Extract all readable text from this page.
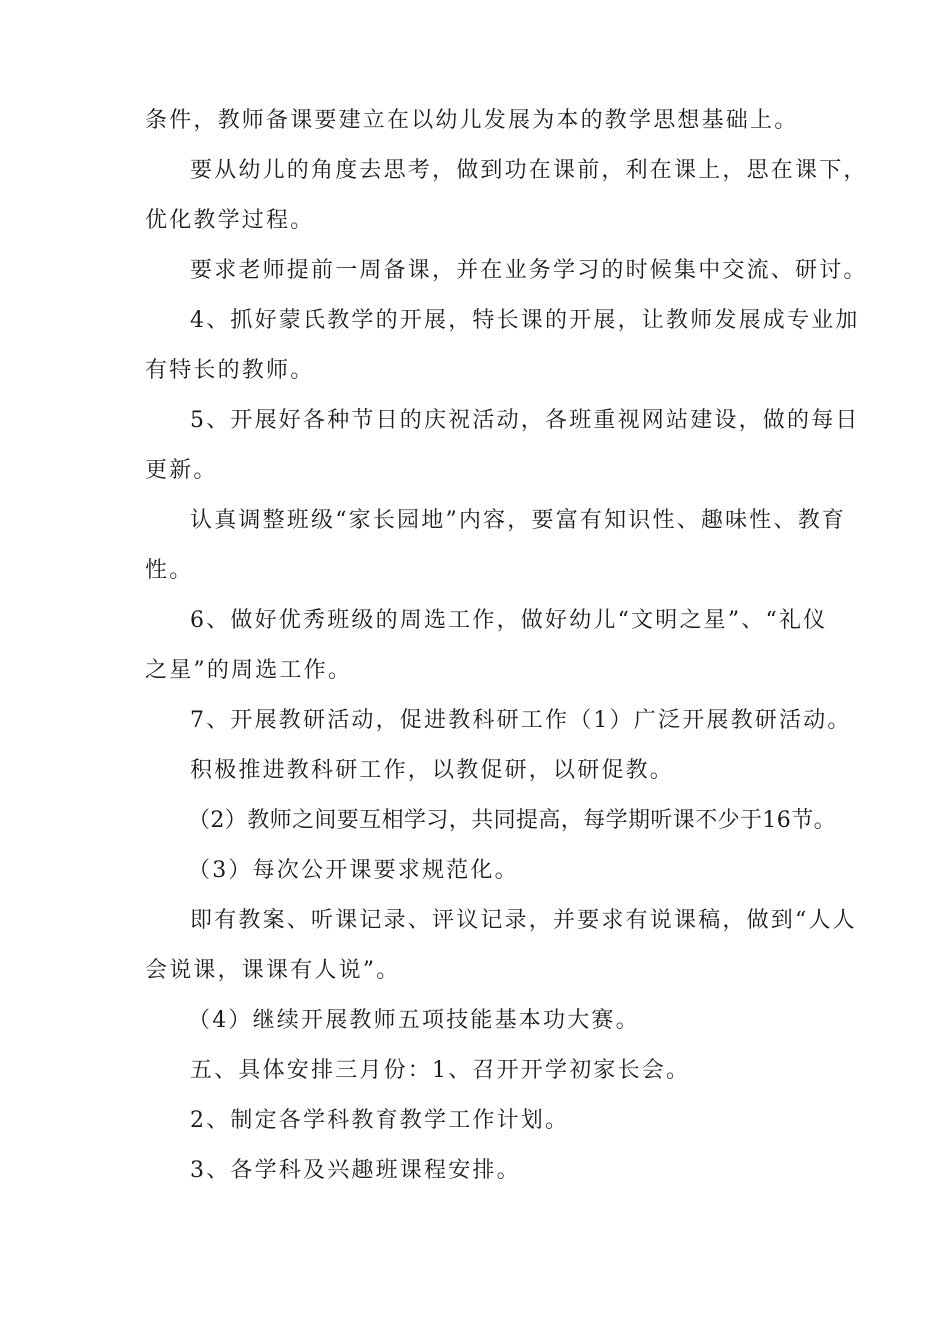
条件，教师备课要建立在以幼儿发展为本的教学思想基础上。
要从幼儿的角度去思考，做到功在课前，利在课上，思在课下，
优化教学过程。
要求老师提前一周备课，并在业务学习的时候集中交流、研讨。
4、抓好蒙氏教学的开展，特长课的开展，让教师发展成专业加
有特长的教师。
5、开展好各种节日的庆祝活动，各班重视网站建设，做的每日
更新。
认真调整班级“家长园地”内容，要富有知识性、趣味性、教育
性。
6、做好优秀班级的周选工作，做好幼儿“文明之星”、“礼仪
之星”的周选工作。
7、开展教研活动，促进教科研工作（1）广泛开展教研活动。
积极推进教科研工作，以教促研，以研促教。
（2）教师之间要互相学习，共同提高，每学期听课不少于16节。
（3）每次公开课要求规范化。
即有教案、听课记录、评议记录，并要求有说课稿，做到“人人
会说课，课课有人说”。
（4）继续开展教师五项技能基本功大赛。
五、具体安排三月份：1、召开开学初家长会。
2、制定各学科教育教学工作计划。
3、各学科及兴趣班课程安排。
